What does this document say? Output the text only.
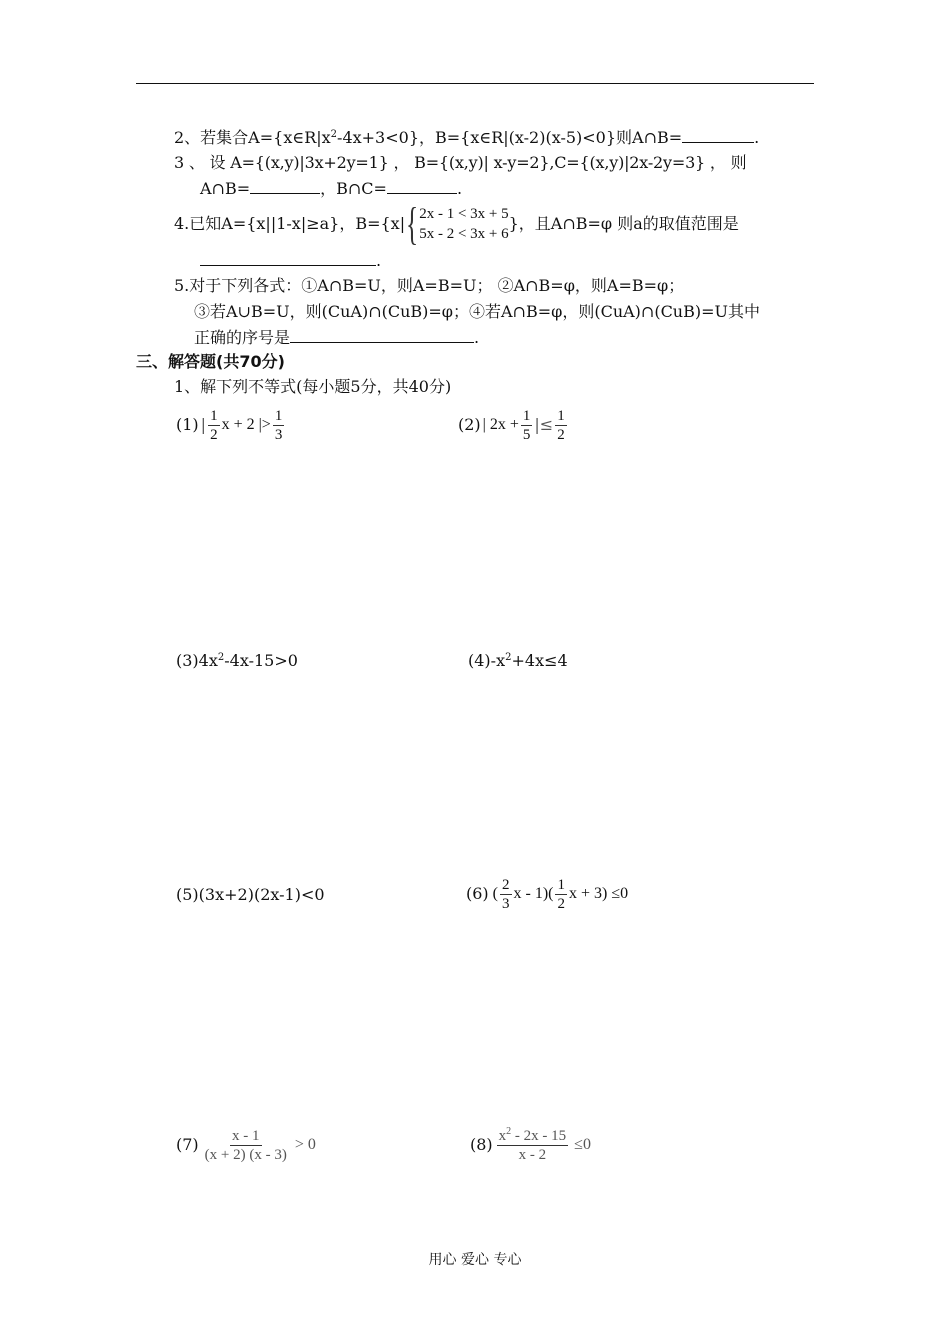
2、若集合$A=\{x\in R|x^2-4x+3<0\}$，B={x∈R|(x-2)(x-5)<0}则A∩B=	.
3 、 设 A={(x,y)|3x+2y=1} ， B={(x,y)| x-y=2},C={(x,y)|2x-2y=3} ， 则
A∩B=	，B∩C=	.
4.已知A={x||1-x|≥a}，B={x| { 2x - 1 < 3x + 5
5x - 2 < 3x + 6
}，且A∩B=φ 则a的取值范围是
.
5.对于下列各式：①A∩B=U，则A=B=U； ②A∩B=φ，则A=B=φ；
③若A∪B=U，则(CuA)∩(CuB)=φ；④若A∩B=φ，则(CuA)∩(CuB)=U其中
正确的序号是	.
三、解答题(共70分)
1、解下列不等式(每小题5分，共40分)
(1) | $\frac{1}{2}$ x + 2 |> $\frac{1}{3}$	(2) | $2x + \frac{1}{5}$ |≤ $\frac{1}{2}$
$(3)4x^2-4x-15>0$	$(4)-x^2+4x\le 4$
(5)(3x+2)(2x-1)<0	(6) ( $\frac{2}{3}$ x - $1)( \frac{1}{2}$ x + 3) ≤0
$(7) \frac{x - 1}{(x + 2) (x - 3)} > 0$	$(8) \frac{x^2 - 2x - 15}{x - 2} \le 0$
用心 爱心 专心
